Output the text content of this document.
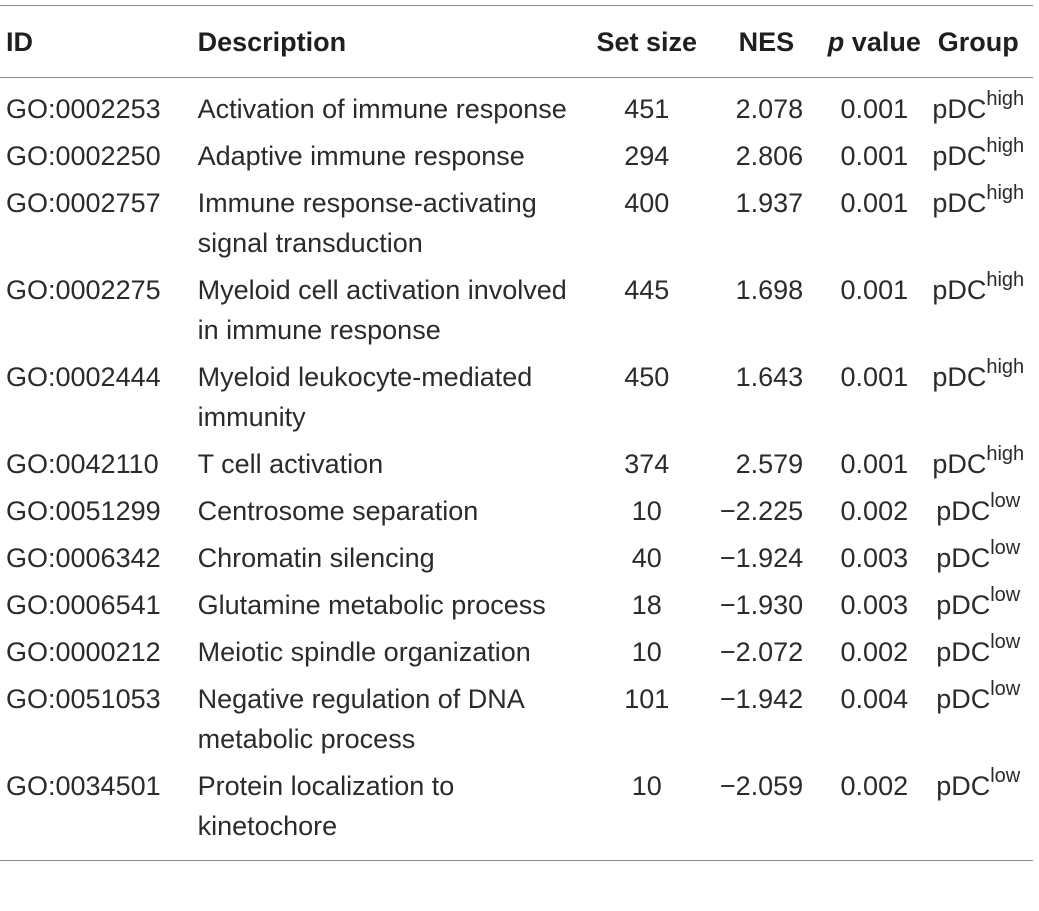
ID	Description	Set size	NES	p value	Group
GO:0002253	Activation of immune response	451	2.078	0.001	pDC$^{high}$
GO:0002250	Adaptive immune response	294	2.806	0.001	pDC$^{high}$
GO:0002757	Immune response-activating signal transduction	400	1.937	0.001	pDC$^{high}$
GO:0002275	Myeloid cell activation involved in immune response	445	1.698	0.001	pDC$^{high}$
GO:0002444	Myeloid leukocyte-mediated immunity	450	1.643	0.001	pDC$^{high}$
GO:0042110	T cell activation	374	2.579	0.001	pDC$^{high}$
GO:0051299	Centrosome separation	10	−2.225	0.002	pDC$^{low}$
GO:0006342	Chromatin silencing	40	−1.924	0.003	pDC$^{low}$
GO:0006541	Glutamine metabolic process	18	−1.930	0.003	pDC$^{low}$
GO:0000212	Meiotic spindle organization	10	−2.072	0.002	pDC$^{low}$
GO:0051053	Negative regulation of DNA metabolic process	101	−1.942	0.004	pDC$^{low}$
GO:0034501	Protein localization to kinetochore	10	−2.059	0.002	pDC$^{low}$
